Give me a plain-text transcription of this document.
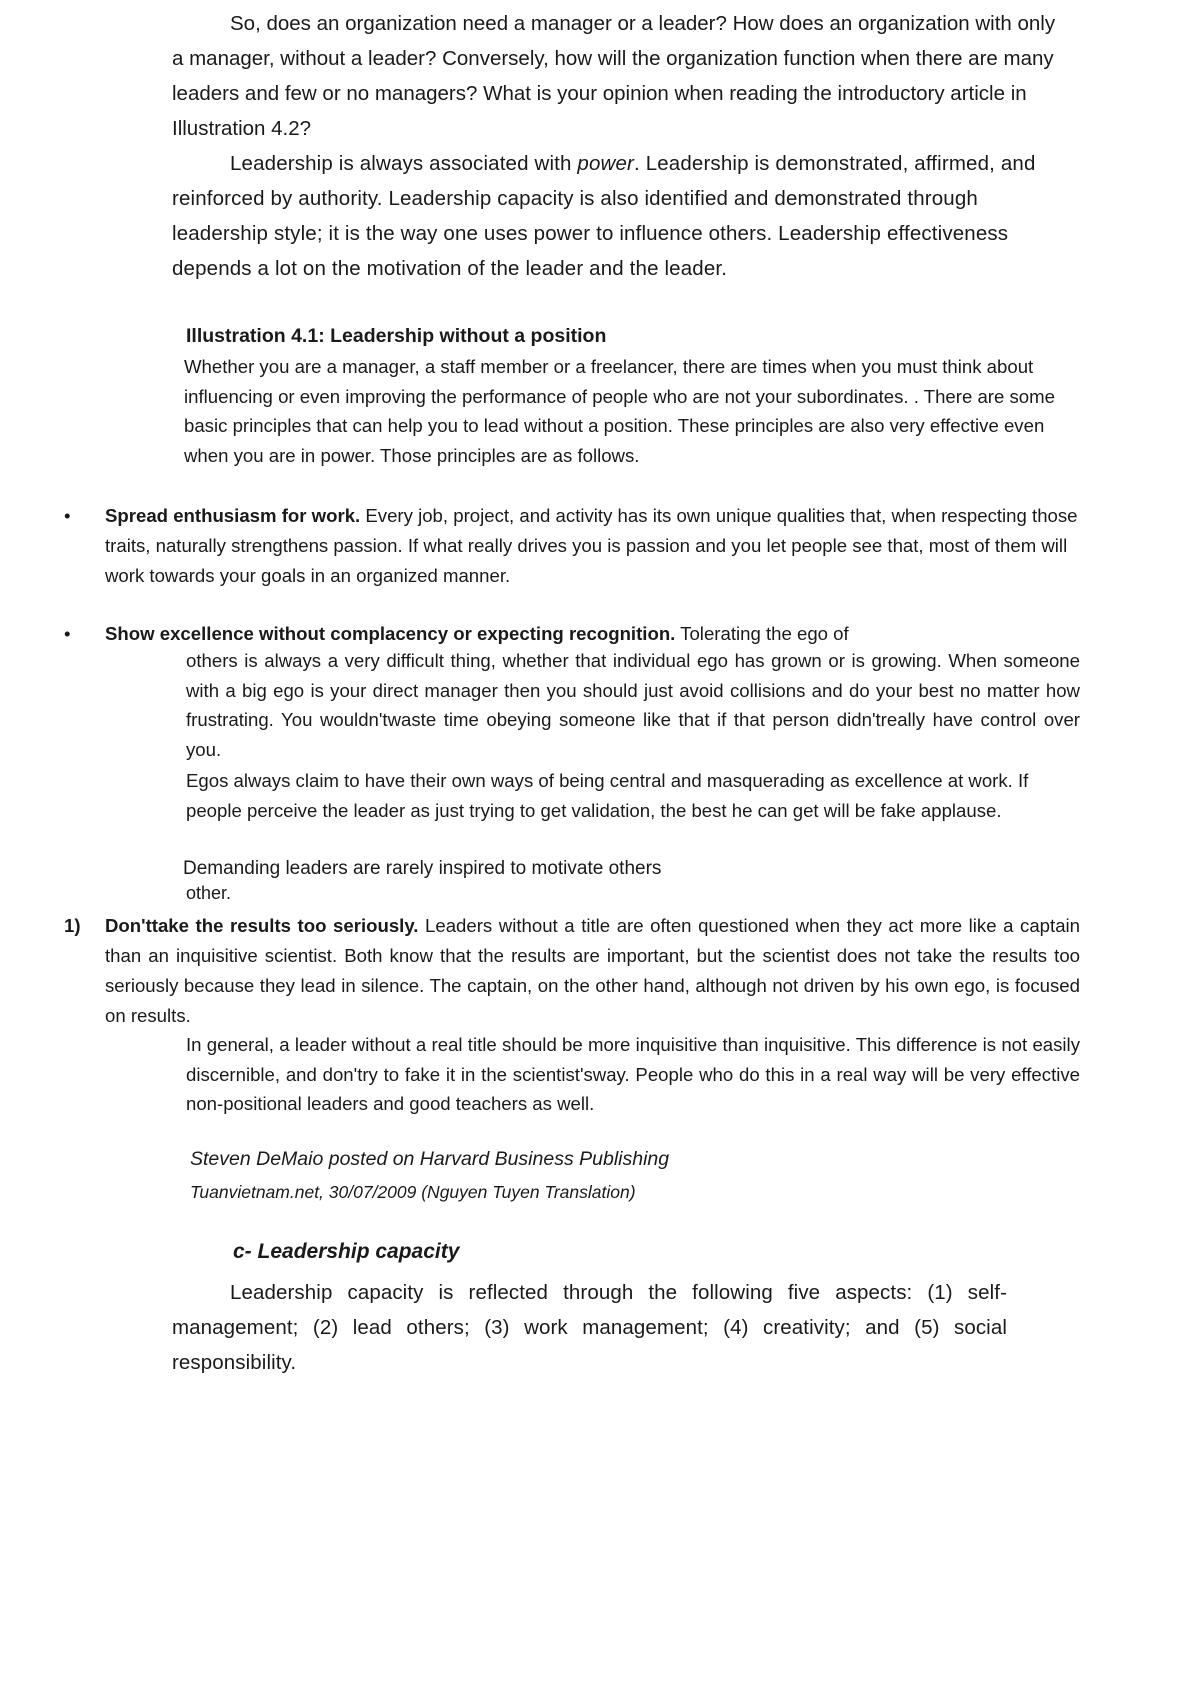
So, does an organization need a manager or a leader? How does an organization with only a manager, without a leader? Conversely, how will the organization function when there are many leaders and few or no managers? What is your opinion when reading the introductory article in Illustration 4.2?

Leadership is always associated with power. Leadership is demonstrated, affirmed, and reinforced by authority. Leadership capacity is also identified and demonstrated through leadership style; it is the way one uses power to influence others. Leadership effectiveness depends a lot on the motivation of the leader and the leader.

Illustration 4.1: Leadership without a position

Whether you are a manager, a staff member or a freelancer, there are times when you must think about influencing or even improving the performance of people who are not your subordinates. . There are some basic principles that can help you to lead without a position. These principles are also very effective even when you are in power. Those principles are as follows.

•	Spread enthusiasm for work. Every job, project, and activity has its own unique qualities that, when respecting those traits, naturally strengthens passion. If what really drives you is passion and you let people see that, most of them will work towards your goals in an organized manner.

•	Show excellence without complacency or expecting recognition. Tolerating the ego of

others is always a very difficult thing, whether that individual ego has grown or is growing. When someone with a big ego is your direct manager then you should just avoid collisions and do your best no matter how frustrating. You wouldn'twaste time obeying someone like that if that person didn'treally have control over you.

Egos always claim to have their own ways of being central and masquerading as excellence at work. If people perceive the leader as just trying to get validation, the best he can get will be fake applause.

Demanding leaders are rarely inspired to motivate others

other.

1)	Don'ttake the results too seriously. Leaders without a title are often questioned when they act more like a captain than an inquisitive scientist. Both know that the results are important, but the scientist does not take the results too seriously because they lead in silence. The captain, on the other hand, although not driven by his own ego, is focused on results.

In general, a leader without a real title should be more inquisitive than inquisitive. This difference is not easily discernible, and don'try to fake it in the scientist'sway. People who do this in a real way will be very effective non-positional leaders and good teachers as well.

Steven DeMaio posted on Harvard Business Publishing

Tuanvietnam.net, 30/07/2009 (Nguyen Tuyen Translation)

c- Leadership capacity

Leadership capacity is reflected through the following five aspects: (1) self-management; (2) lead others; (3) work management; (4) creativity; and (5) social responsibility.
